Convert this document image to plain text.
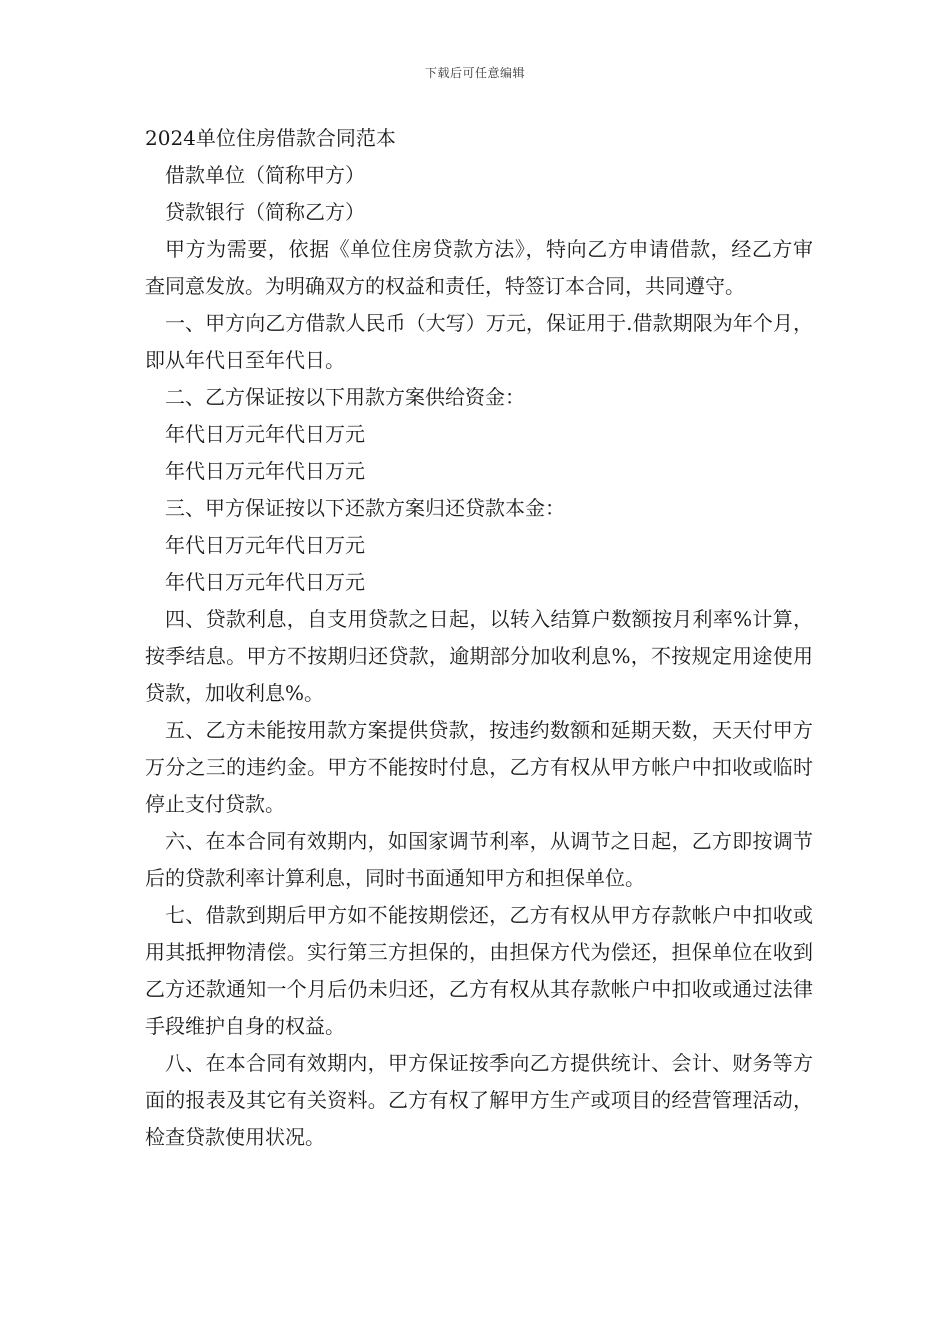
下载后可任意编辑
2024单位住房借款合同范本

借款单位（简称甲方）

贷款银行（简称乙方）

甲方为需要，依据《单位住房贷款方法》，特向乙方申请借款，经乙方审查同意发放。为明确双方的权益和责任，特签订本合同，共同遵守。

一、甲方向乙方借款人民币（大写）万元，保证用于.借款期限为年个月，即从年代日至年代日。

二、乙方保证按以下用款方案供给资金：

年代日万元年代日万元

年代日万元年代日万元

三、甲方保证按以下还款方案归还贷款本金：

年代日万元年代日万元

年代日万元年代日万元

四、贷款利息，自支用贷款之日起，以转入结算户数额按月利率%计算，按季结息。甲方不按期归还贷款，逾期部分加收利息%，不按规定用途使用贷款，加收利息%。

五、乙方未能按用款方案提供贷款，按违约数额和延期天数，天天付甲方万分之三的违约金。甲方不能按时付息，乙方有权从甲方帐户中扣收或临时停止支付贷款。

六、在本合同有效期内，如国家调节利率，从调节之日起，乙方即按调节后的贷款利率计算利息，同时书面通知甲方和担保单位。

七、借款到期后甲方如不能按期偿还，乙方有权从甲方存款帐户中扣收或用其抵押物清偿。实行第三方担保的，由担保方代为偿还，担保单位在收到乙方还款通知一个月后仍未归还，乙方有权从其存款帐户中扣收或通过法律手段维护自身的权益。

八、在本合同有效期内，甲方保证按季向乙方提供统计、会计、财务等方面的报表及其它有关资料。乙方有权了解甲方生产或项目的经营管理活动，检查贷款使用状况。
